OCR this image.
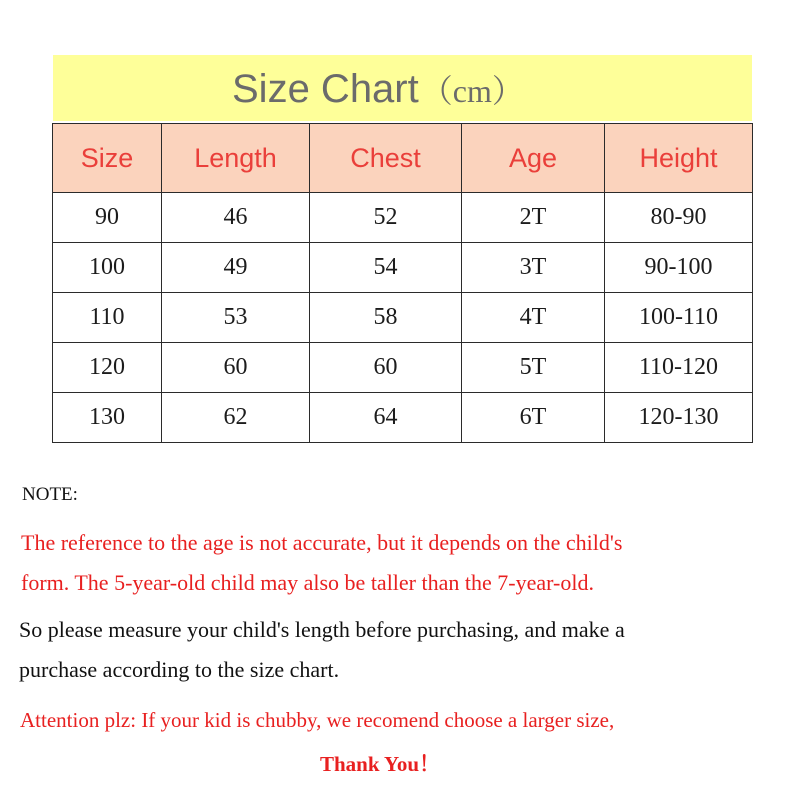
Size Chart（cm）
Size	Length	Chest	Age	Height
90	46	52	2T	80-90
100	49	54	3T	90-100
110	53	58	4T	100-110
120	60	60	5T	110-120
130	62	64	6T	120-130
NOTE:
The reference to the age is not accurate, but it depends on the child's
form. The 5-year-old child may also be taller than the 7-year-old.
So please measure your child's length before purchasing, and make a
purchase according to the size chart.
Attention plz: If your kid is chubby, we recomend choose a larger size,
Thank You！
